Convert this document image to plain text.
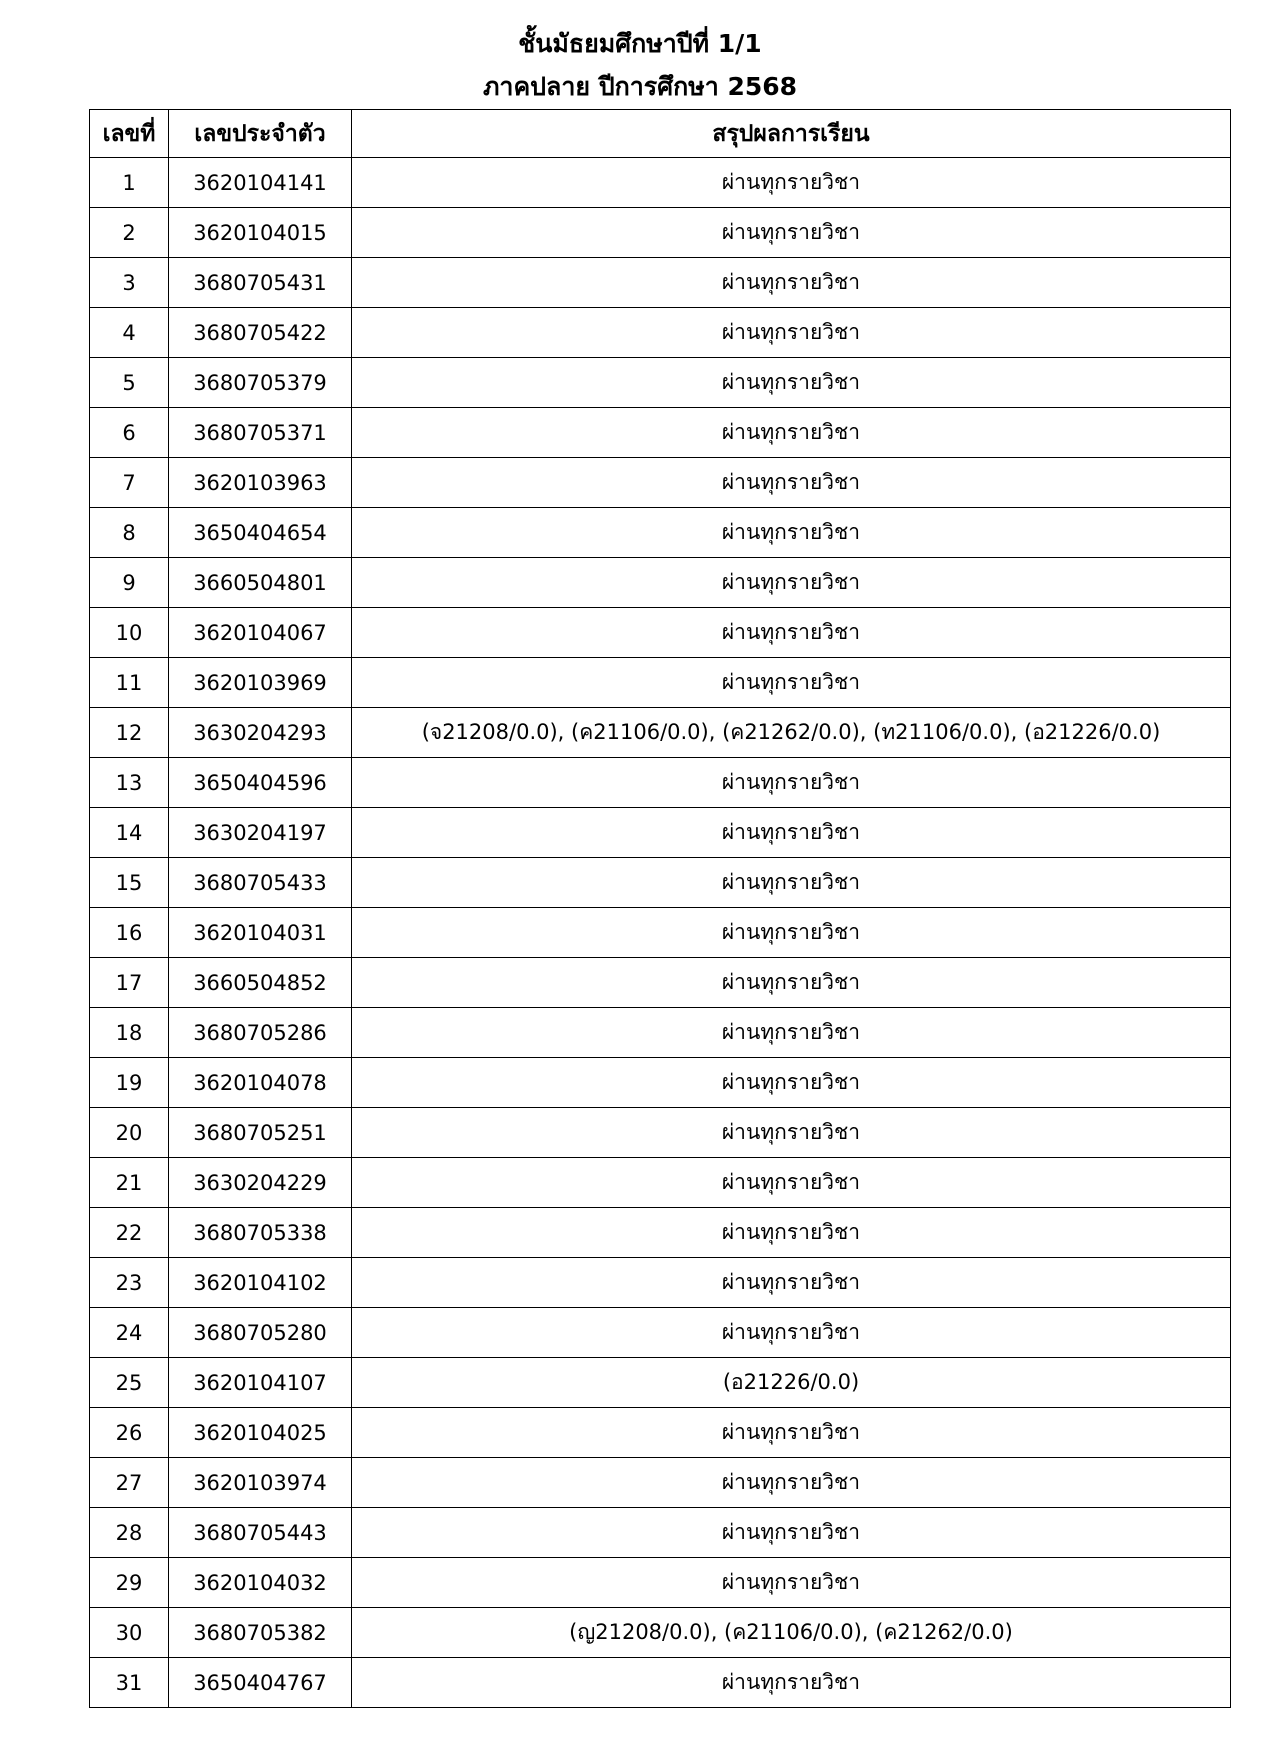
ชั้นมัธยมศึกษาปีที่ 1/1
ภาคปลาย ปีการศึกษา 2568
เลขที่	เลขประจำตัว	สรุปผลการเรียน
1	3620104141	ผ่านทุกรายวิชา
2	3620104015	ผ่านทุกรายวิชา
3	3680705431	ผ่านทุกรายวิชา
4	3680705422	ผ่านทุกรายวิชา
5	3680705379	ผ่านทุกรายวิชา
6	3680705371	ผ่านทุกรายวิชา
7	3620103963	ผ่านทุกรายวิชา
8	3650404654	ผ่านทุกรายวิชา
9	3660504801	ผ่านทุกรายวิชา
10	3620104067	ผ่านทุกรายวิชา
11	3620103969	ผ่านทุกรายวิชา
12	3630204293	(จ21208/0.0), (ค21106/0.0), (ค21262/0.0), (ท21106/0.0), (อ21226/0.0)
13	3650404596	ผ่านทุกรายวิชา
14	3630204197	ผ่านทุกรายวิชา
15	3680705433	ผ่านทุกรายวิชา
16	3620104031	ผ่านทุกรายวิชา
17	3660504852	ผ่านทุกรายวิชา
18	3680705286	ผ่านทุกรายวิชา
19	3620104078	ผ่านทุกรายวิชา
20	3680705251	ผ่านทุกรายวิชา
21	3630204229	ผ่านทุกรายวิชา
22	3680705338	ผ่านทุกรายวิชา
23	3620104102	ผ่านทุกรายวิชา
24	3680705280	ผ่านทุกรายวิชา
25	3620104107	(อ21226/0.0)
26	3620104025	ผ่านทุกรายวิชา
27	3620103974	ผ่านทุกรายวิชา
28	3680705443	ผ่านทุกรายวิชา
29	3620104032	ผ่านทุกรายวิชา
30	3680705382	(ญ21208/0.0), (ค21106/0.0), (ค21262/0.0)
31	3650404767	ผ่านทุกรายวิชา
